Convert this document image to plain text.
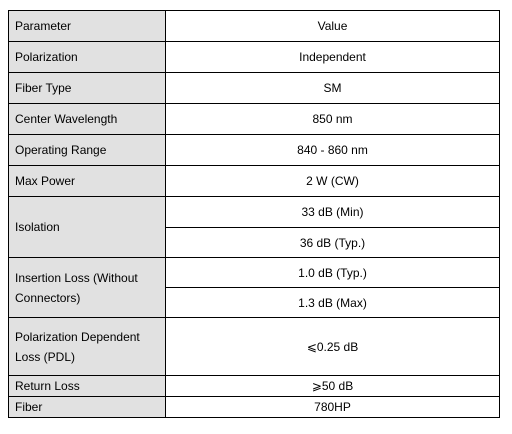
Parameter	Value
Polarization	Independent
Fiber Type	SM
Center Wavelength	850 nm
Operating Range	840 - 860 nm
Max Power	2 W (CW)
Isolation	33 dB (Min)
	36 dB (Typ.)
Insertion Loss (Without Connectors)	1.0 dB (Typ.)
	1.3 dB (Max)
Polarization Dependent Loss (PDL)	⩽0.25 dB
Return Loss	⩾50 dB
Fiber	780HP
